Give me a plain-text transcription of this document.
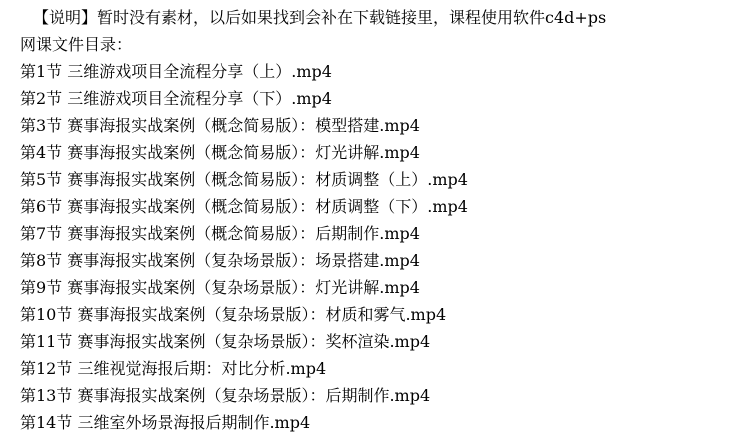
【说明】暂时没有素材，以后如果找到会补在下载链接里，课程使用软件c4d+ps
网课文件目录：
第1节 三维游戏项目全流程分享（上）.mp4
第2节 三维游戏项目全流程分享（下）.mp4
第3节 赛事海报实战案例（概念简易版）：模型搭建.mp4
第4节 赛事海报实战案例（概念简易版）：灯光讲解.mp4
第5节 赛事海报实战案例（概念简易版）：材质调整（上）.mp4
第6节 赛事海报实战案例（概念简易版）：材质调整（下）.mp4
第7节 赛事海报实战案例（概念简易版）：后期制作.mp4
第8节 赛事海报实战案例（复杂场景版）：场景搭建.mp4
第9节 赛事海报实战案例（复杂场景版）：灯光讲解.mp4
第10节 赛事海报实战案例（复杂场景版）：材质和雾气.mp4
第11节 赛事海报实战案例（复杂场景版）：奖杯渲染.mp4
第12节 三维视觉海报后期：对比分析.mp4
第13节 赛事海报实战案例（复杂场景版）：后期制作.mp4
第14节 三维室外场景海报后期制作.mp4
